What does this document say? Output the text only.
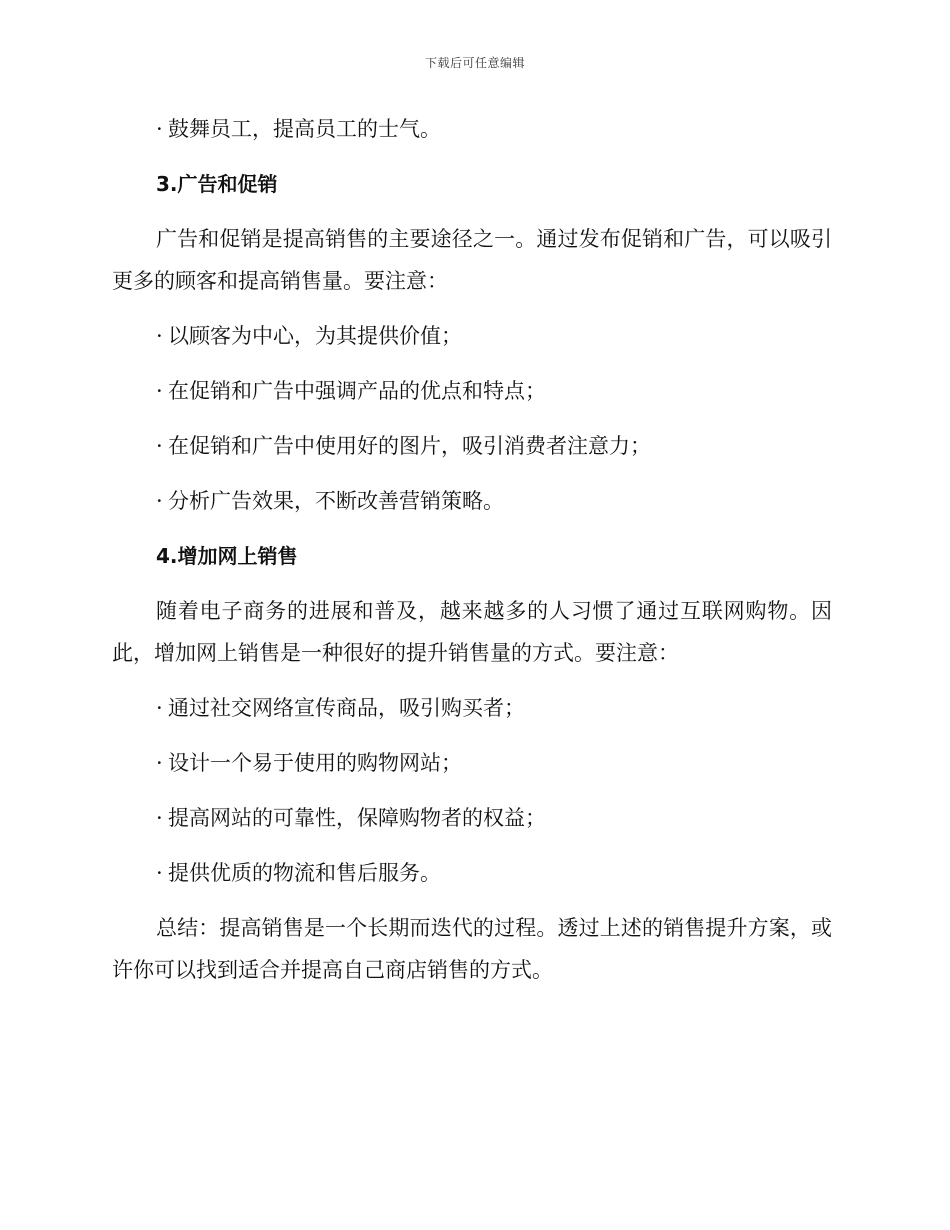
下载后可任意编辑
· 鼓舞员工，提高员工的士气。
3.广告和促销

广告和促销是提高销售的主要途径之一。通过发布促销和广告，可以吸引更多的顾客和提高销售量。要注意：

· 以顾客为中心，为其提供价值；
· 在促销和广告中强调产品的优点和特点；
· 在促销和广告中使用好的图片，吸引消费者注意力；
· 分析广告效果，不断改善营销策略。
4.增加网上销售

随着电子商务的进展和普及，越来越多的人习惯了通过互联网购物。因此，增加网上销售是一种很好的提升销售量的方式。要注意：

· 通过社交网络宣传商品，吸引购买者；
· 设计一个易于使用的购物网站；
· 提高网站的可靠性，保障购物者的权益；
· 提供优质的物流和售后服务。

总结：提高销售是一个长期而迭代的过程。透过上述的销售提升方案，或许你可以找到适合并提高自己商店销售的方式。
